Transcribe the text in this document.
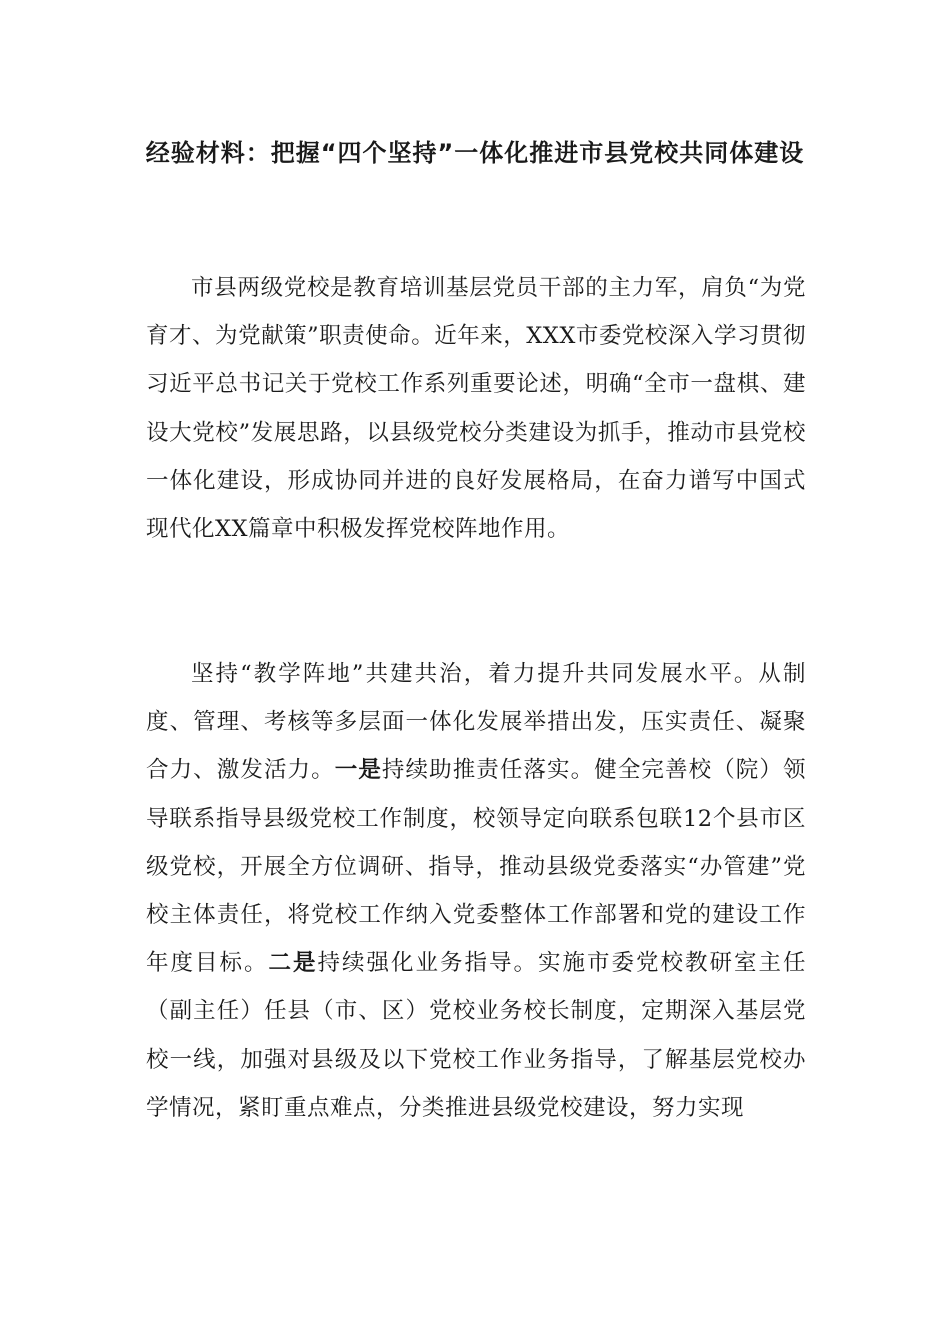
经验材料：把握“四个坚持”一体化推进市县党校共同体建设

市县两级党校是教育培训基层党员干部的主力军，肩负“为党育才、为党献策”职责使命。近年来，XXX市委党校深入学习贯彻习近平总书记关于党校工作系列重要论述，明确“全市一盘棋、建设大党校”发展思路，以县级党校分类建设为抓手，推动市县党校一体化建设，形成协同并进的良好发展格局，在奋力谱写中国式现代化XX篇章中积极发挥党校阵地作用。

坚持“教学阵地”共建共治，着力提升共同发展水平。从制度、管理、考核等多层面一体化发展举措出发，压实责任、凝聚合力、激发活力。一是持续助推责任落实。健全完善校（院）领导联系指导县级党校工作制度，校领导定向联系包联12个县市区级党校，开展全方位调研、指导，推动县级党委落实“办管建”党校主体责任，将党校工作纳入党委整体工作部署和党的建设工作年度目标。二是持续强化业务指导。实施市委党校教研室主任（副主任）任县（市、区）党校业务校长制度，定期深入基层党校一线，加强对县级及以下党校工作业务指导，了解基层党校办学情况，紧盯重点难点，分类推进县级党校建设，努力实现
